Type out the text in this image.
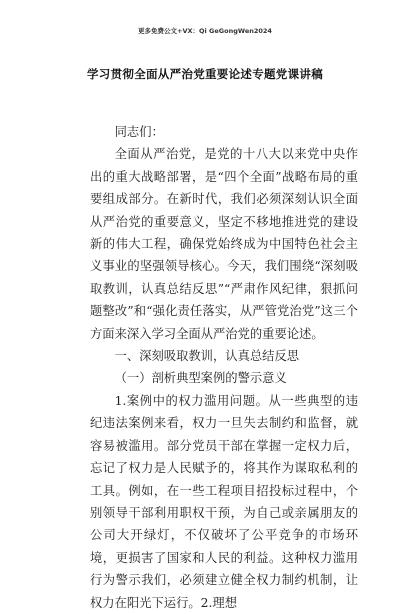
更多免费公文+VX：Qi GeGongWen2024
学习贯彻全面从严治党重要论述专题党课讲稿

同志们：

全面从严治党，是党的十八大以来党中央作出的重大战略部署，是“四个全面”战略布局的重要组成部分。在新时代，我们必须深刻认识全面从严治党的重要意义，坚定不移地推进党的建设新的伟大工程，确保党始终成为中国特色社会主义事业的坚强领导核心。今天，我们围绕“深刻吸取教训，认真总结反思”“严肃作风纪律，狠抓问题整改”和“强化责任落实，从严管党治党”这三个方面来深入学习全面从严治党的重要论述。

一、深刻吸取教训，认真总结反思

（一）剖析典型案例的警示意义

1.案例中的权力滥用问题。从一些典型的违纪违法案例来看，权力一旦失去制约和监督，就容易被滥用。部分党员干部在掌握一定权力后，忘记了权力是人民赋予的，将其作为谋取私利的工具。例如，在一些工程项目招投标过程中，个别领导干部利用职权干预，为自己或亲属朋友的公司大开绿灯，不仅破坏了公平竞争的市场环境，更损害了国家和人民的利益。这种权力滥用行为警示我们，必须建立健全权力制约机制，让权力在阳光下运行。2.理想
